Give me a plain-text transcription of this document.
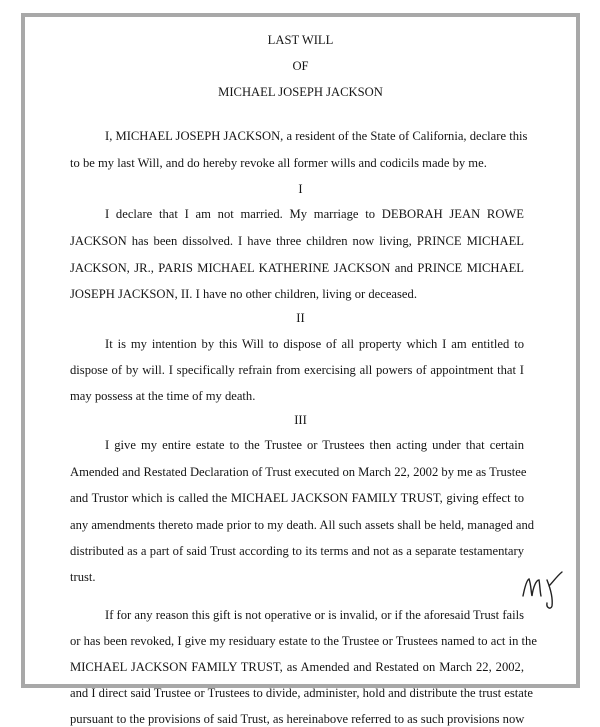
LAST WILL
OF
MICHAEL JOSEPH JACKSON
I, MICHAEL JOSEPH JACKSON, a resident of the State of California, declare this
to be my last Will, and do hereby revoke all former wills and codicils made by me.
I
I declare that I am not married. My marriage to DEBORAH JEAN ROWE
JACKSON has been dissolved. I have three children now living, PRINCE MICHAEL
JACKSON, JR., PARIS MICHAEL KATHERINE JACKSON and PRINCE MICHAEL
JOSEPH JACKSON, II. I have no other children, living or deceased.
II
It is my intention by this Will to dispose of all property which I am entitled to
dispose of by will. I specifically refrain from exercising all powers of appointment that I
may possess at the time of my death.
III
I give my entire estate to the Trustee or Trustees then acting under that certain
Amended and Restated Declaration of Trust executed on March 22, 2002 by me as Trustee
and Trustor which is called the MICHAEL JACKSON FAMILY TRUST, giving effect to
any amendments thereto made prior to my death. All such assets shall be held, managed and
distributed as a part of said Trust according to its terms and not as a separate testamentary
trust.
If for any reason this gift is not operative or is invalid, or if the aforesaid Trust fails
or has been revoked, I give my residuary estate to the Trustee or Trustees named to act in the
MICHAEL JACKSON FAMILY TRUST, as Amended and Restated on March 22, 2002,
and I direct said Trustee or Trustees to divide, administer, hold and distribute the trust estate
pursuant to the provisions of said Trust, as hereinabove referred to as such provisions now
